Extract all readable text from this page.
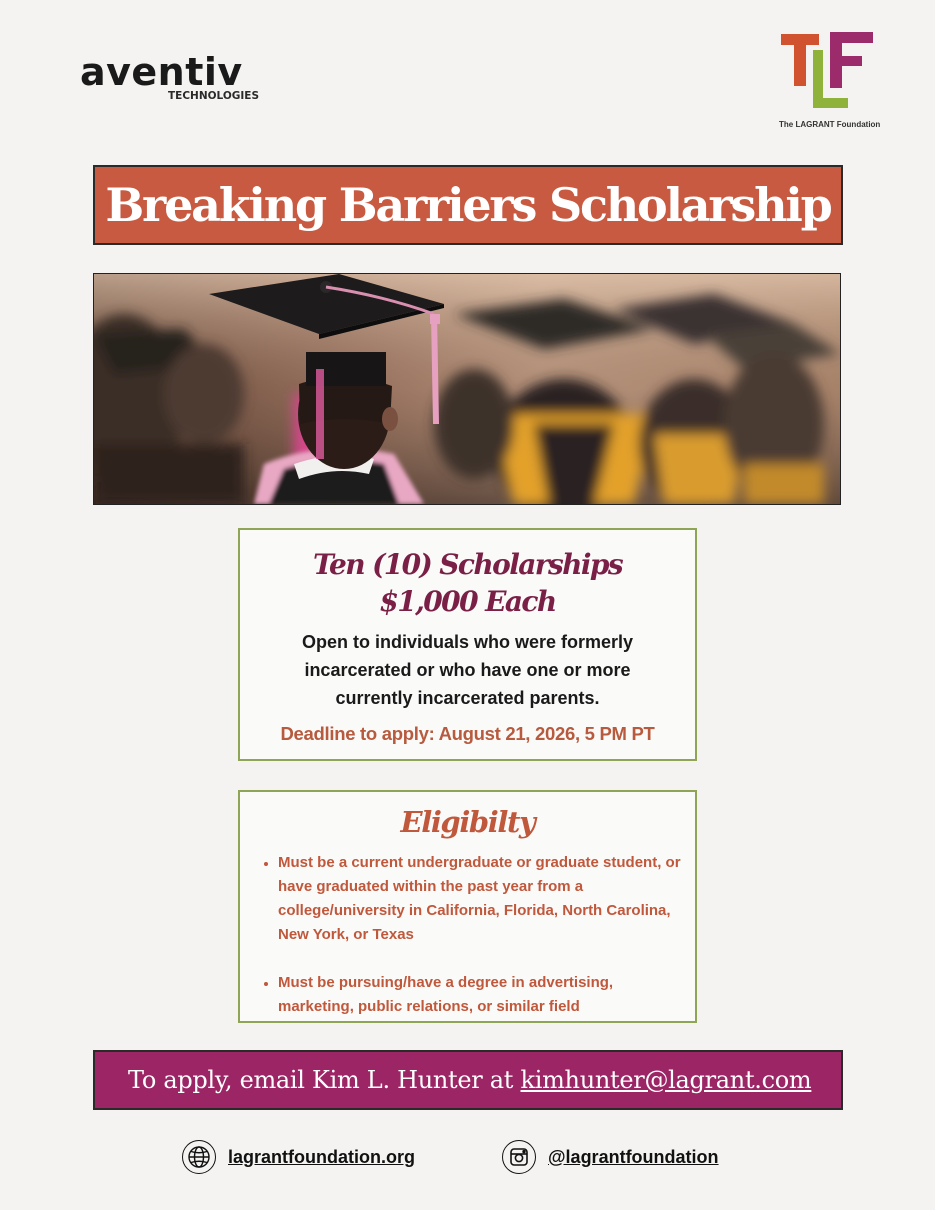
aventiv
TECHNOLOGIES
The LAGRANT Foundation
Breaking Barriers Scholarship
Ten (10) Scholarships
$1,000 Each
Open to individuals who were formerly incarcerated or who have one or more currently incarcerated parents.
Deadline to apply: August 21, 2026, 5 PM PT
Eligibilty
• Must be a current undergraduate or graduate student, or have graduated within the past year from a college/university in California, Florida, North Carolina, New York, or Texas
• Must be pursuing/have a degree in advertising, marketing, public relations, or similar field
To apply, email Kim L. Hunter at kimhunter@lagrant.com
lagrantfoundation.org	@lagrantfoundation
